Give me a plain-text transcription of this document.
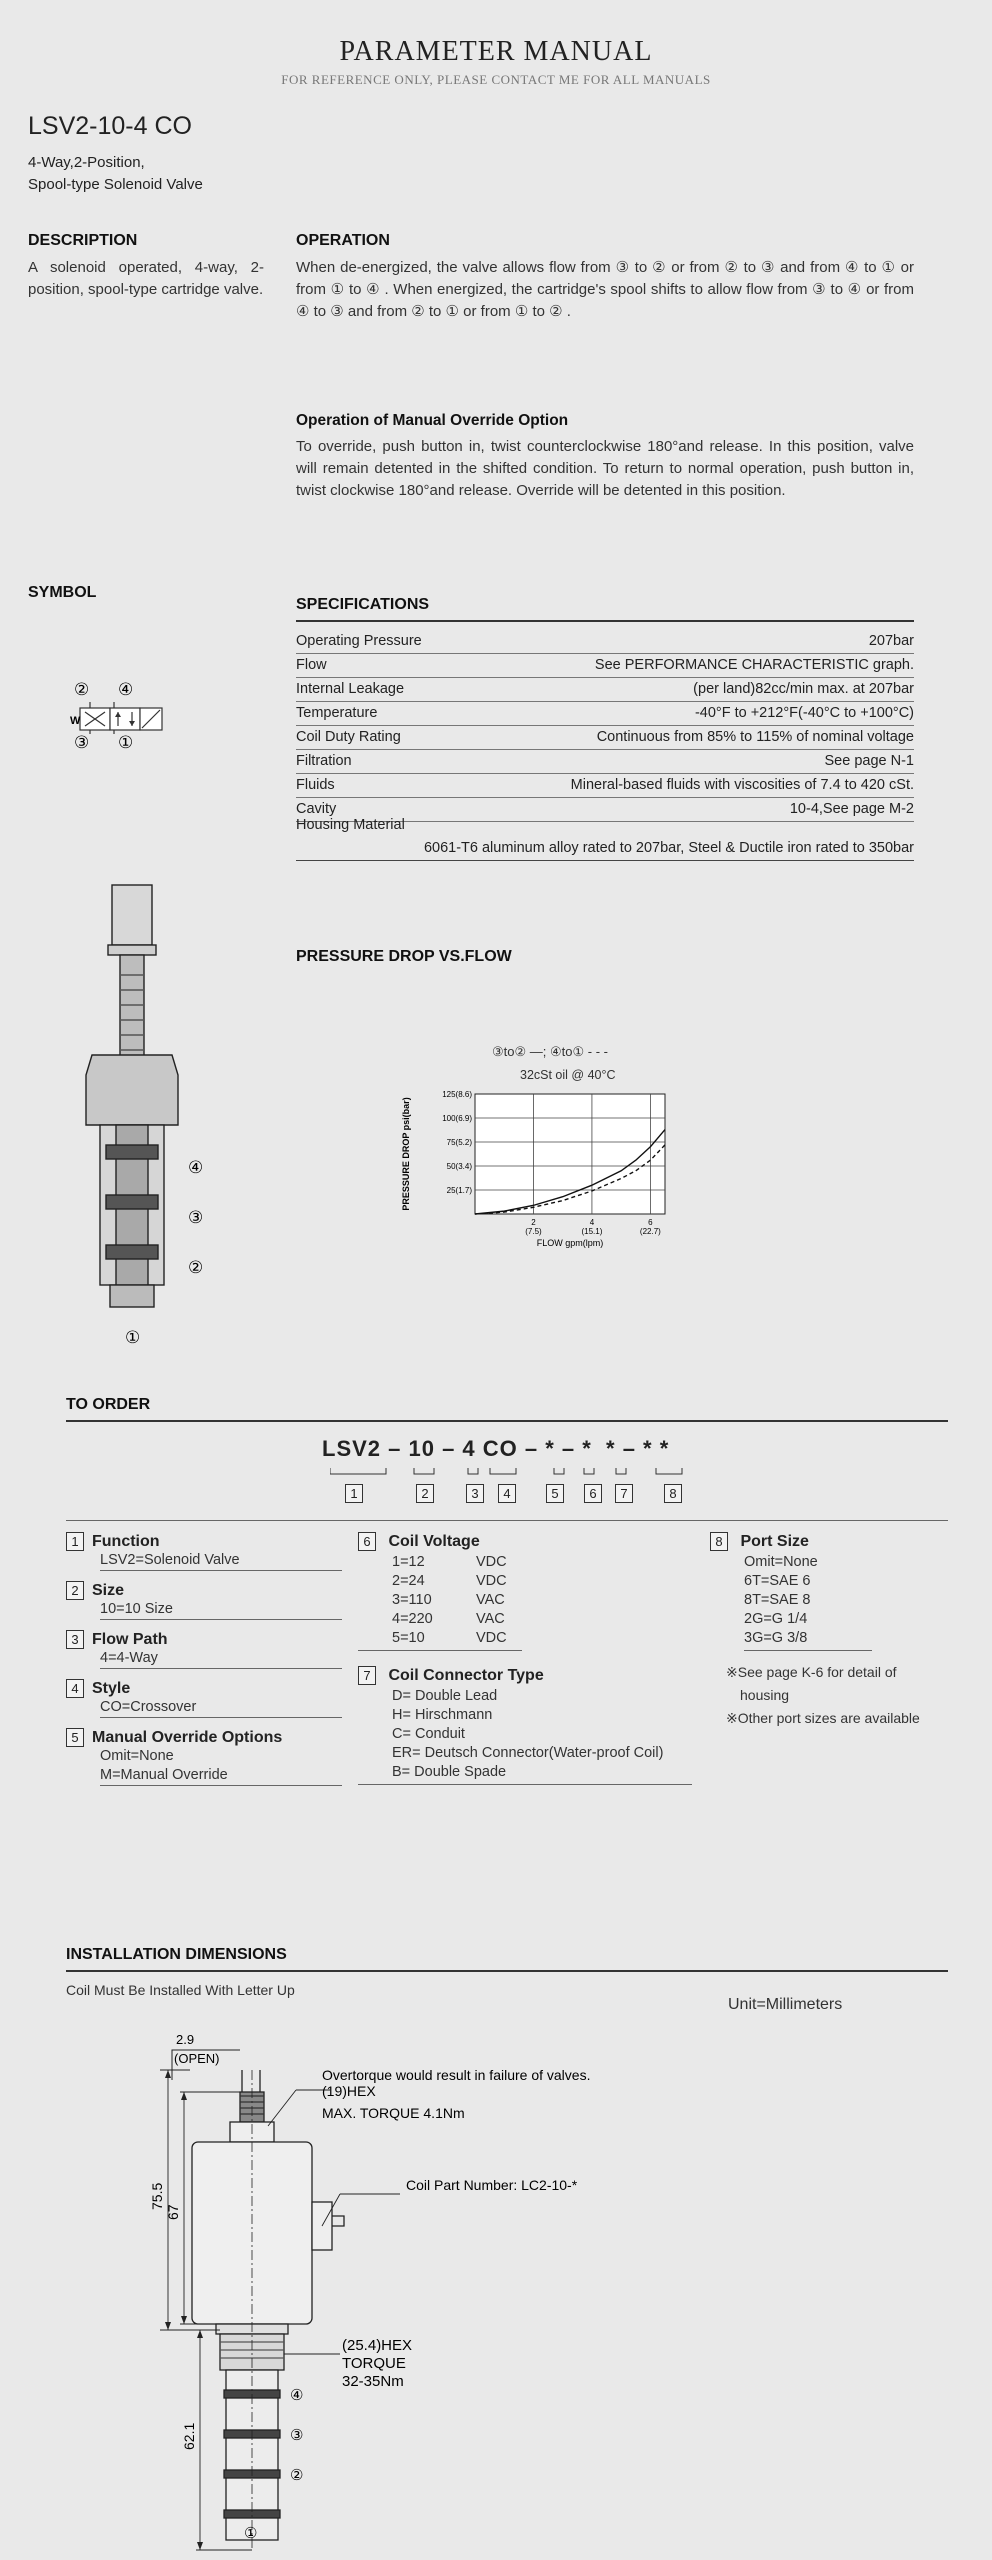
PARAMETER MANUAL
FOR REFERENCE ONLY, PLEASE CONTACT ME FOR ALL MANUALS
LSV2-10-4 CO
4-Way,2-Position,
Spool-type Solenoid Valve
DESCRIPTION
A solenoid operated, 4-way, 2-position, spool-type cartridge valve.
OPERATION
When de-energized, the valve allows flow from ③ to ② or from ② to ③ and from ④ to ① or from ① to ④ . When energized, the cartridge's spool shifts to allow flow from ③ to ④ or from ④ to ③ and from ② to ① or from ① to ② .
Operation of Manual Override Option
To override, push button in, twist counterclockwise 180°and release. In this position, valve will remain detented in the shifted condition. To return to normal operation, push button in, twist clockwise 180°and release. Override will be detented in this position.
SYMBOL
② ④
③ ①
W
SPECIFICATIONS
Operating Pressure	207bar
Flow	See PERFORMANCE CHARACTERISTIC graph.
Internal Leakage	(per land)82cc/min max. at 207bar
Temperature	-40°F to +212°F(-40°C to +100°C)
Coil Duty Rating	Continuous from 85% to 115% of nominal voltage
Filtration	See page N-1
Fluids	Mineral-based fluids with viscosities of 7.4 to 420 cSt.
Cavity	10-4,See page M-2
Housing Material
6061-T6 aluminum alloy rated to 207bar, Steel & Ductile iron rated to 350bar
PRESSURE DROP VS.FLOW
③to② —; ④to① - - -
32cSt oil @ 40°C
25(1.7)
50(3.4)
75(5.2)
100(6.9)
125(8.6)
2
(7.5)
4
(15.1)
6
(22.7)
FLOW gpm(lpm)
PRESSURE DROP psi(bar)
④
③
②
①
TO ORDER
LSV2 – 10 – 4 CO – * – *  * – * *
1	2	3	4	5	6	7	8
1 Function
LSV2=Solenoid Valve
2 Size
10=10 Size
3 Flow Path
4=4-Way
4 Style
CO=Crossover
5 Manual Override Options
Omit=None
M=Manual Override
6 Coil Voltage
1=12	VDC
2=24	VDC
3=110	VAC
4=220	VAC
5=10	VDC
7 Coil Connector Type
D= Double Lead
H= Hirschmann
C= Conduit
ER= Deutsch Connector(Water-proof Coil)
B= Double Spade
8 Port Size
Omit=None
6T=SAE 6
8T=SAE 8
2G=G 1/4
3G=G 3/8
※See page K-6 for detail of
housing
※Other port sizes are available
INSTALLATION DIMENSIONS
Coil Must Be Installed With Letter Up
Unit=Millimeters
2.9
(OPEN)
Overtorque would result in failure of valves.
(19)HEX
MAX. TORQUE 4.1Nm
Coil Part Number: LC2-10-*
75.5
67
62.1
(25.4)HEX
TORQUE
32-35Nm
④
③
②
①
